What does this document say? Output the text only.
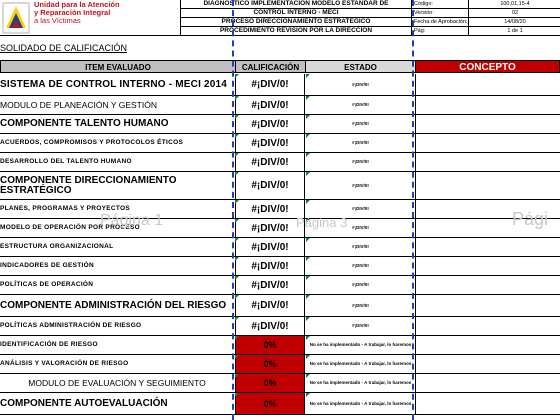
Unidad para la Atención
y Reparación Integral
a las Víctimas
DIAGNOSTICO IMPLEMENTACION MODELO ESTANDAR DE
CONTROL INTERNO - MECI
PROCESO DIRECCIONAMIENTO ESTRATEGICO
PROCEDIMIENTO REVISION POR LA DIRECCIÓN
Código:	100,01,15-4
Versión:	02
Fecha de Aprobación:	14/08/20
Pág:	1 de 1
SOLIDADO DE CALIFICACIÓN
ITEM EVALUADO	CALIFICACIÓN	ESTADO	CONCEPTO
SISTEMA DE CONTROL INTERNO - MECI 2014	#¡DIV/0!	#¡DIV/0!
MODULO DE PLANEACIÓN Y GESTIÓN	#¡DIV/0!	#¡DIV/0!
COMPONENTE TALENTO HUMANO	#¡DIV/0!	#¡DIV/0!
ACUERDOS, COMPROMISOS Y PROTOCOLOS ÉTICOS	#¡DIV/0!	#¡DIV/0!
DESARROLLO DEL TALENTO HUMANO	#¡DIV/0!	#¡DIV/0!
COMPONENTE DIRECCIONAMIENTO ESTRATÉGICO	#¡DIV/0!	#¡DIV/0!
PLANES, PROGRAMAS Y PROYECTOS	#¡DIV/0!	#¡DIV/0!
MODELO DE OPERACIÓN POR PROCESO	#¡DIV/0!	#¡DIV/0!
ESTRUCTURA ORGANIZACIONAL	#¡DIV/0!	#¡DIV/0!
INDICADORES DE GESTIÓN	#¡DIV/0!	#¡DIV/0!
POLÍTICAS DE OPERACIÓN	#¡DIV/0!	#¡DIV/0!
COMPONENTE ADMINISTRACIÓN DEL RIESGO	#¡DIV/0!	#¡DIV/0!
POLÍTICAS ADMINISTRACIÓN DE RIESGO	#¡DIV/0!	#¡DIV/0!
IDENTIFICACIÓN DE RIESGO	0%	No se ha implementado - A trabajar, lo haremos
ANÁLISIS Y VALORACIÓN DE RIESGO	0%	No se ha implementado - A trabajar, lo haremos
MODULO DE EVALUACIÓN Y SEGUIMIENTO	0%	No se ha implementado - A trabajar, lo haremos
COMPONENTE AUTOEVALUACIÓN	0%	No se ha implementado - A trabajar, lo haremos
Página 1	Página 3	Pági
